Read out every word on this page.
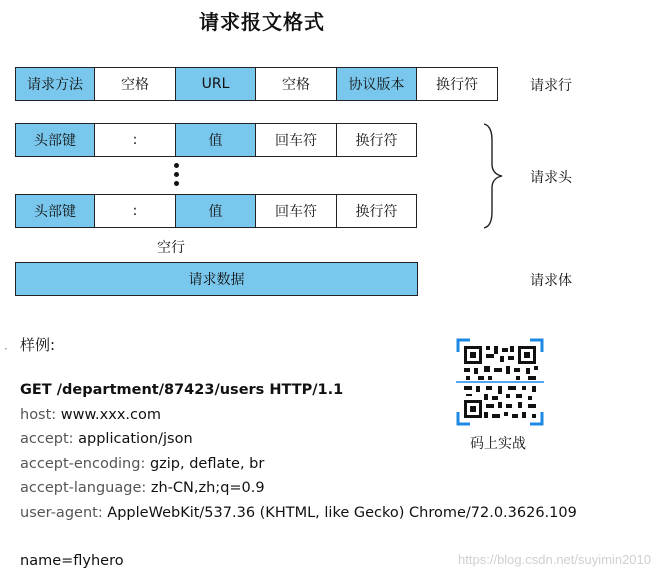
请求报文格式
请求方法	空格	URL	空格	协议版本	换行符	请求行
头部键	:	值	回车符	换行符
头部键	:	值	回车符	换行符
请求头
空行
请求数据	请求体
· 样例:
GET /department/87423/users HTTP/1.1
host: www.xxx.com
accept: application/json
accept-encoding: gzip, deflate, br
accept-language: zh-CN,zh;q=0.9
user-agent: AppleWebKit/537.36 (KHTML, like Gecko) Chrome/72.0.3626.109
name=flyhero
码上实战
https://blog.csdn.net/suyimin2010
